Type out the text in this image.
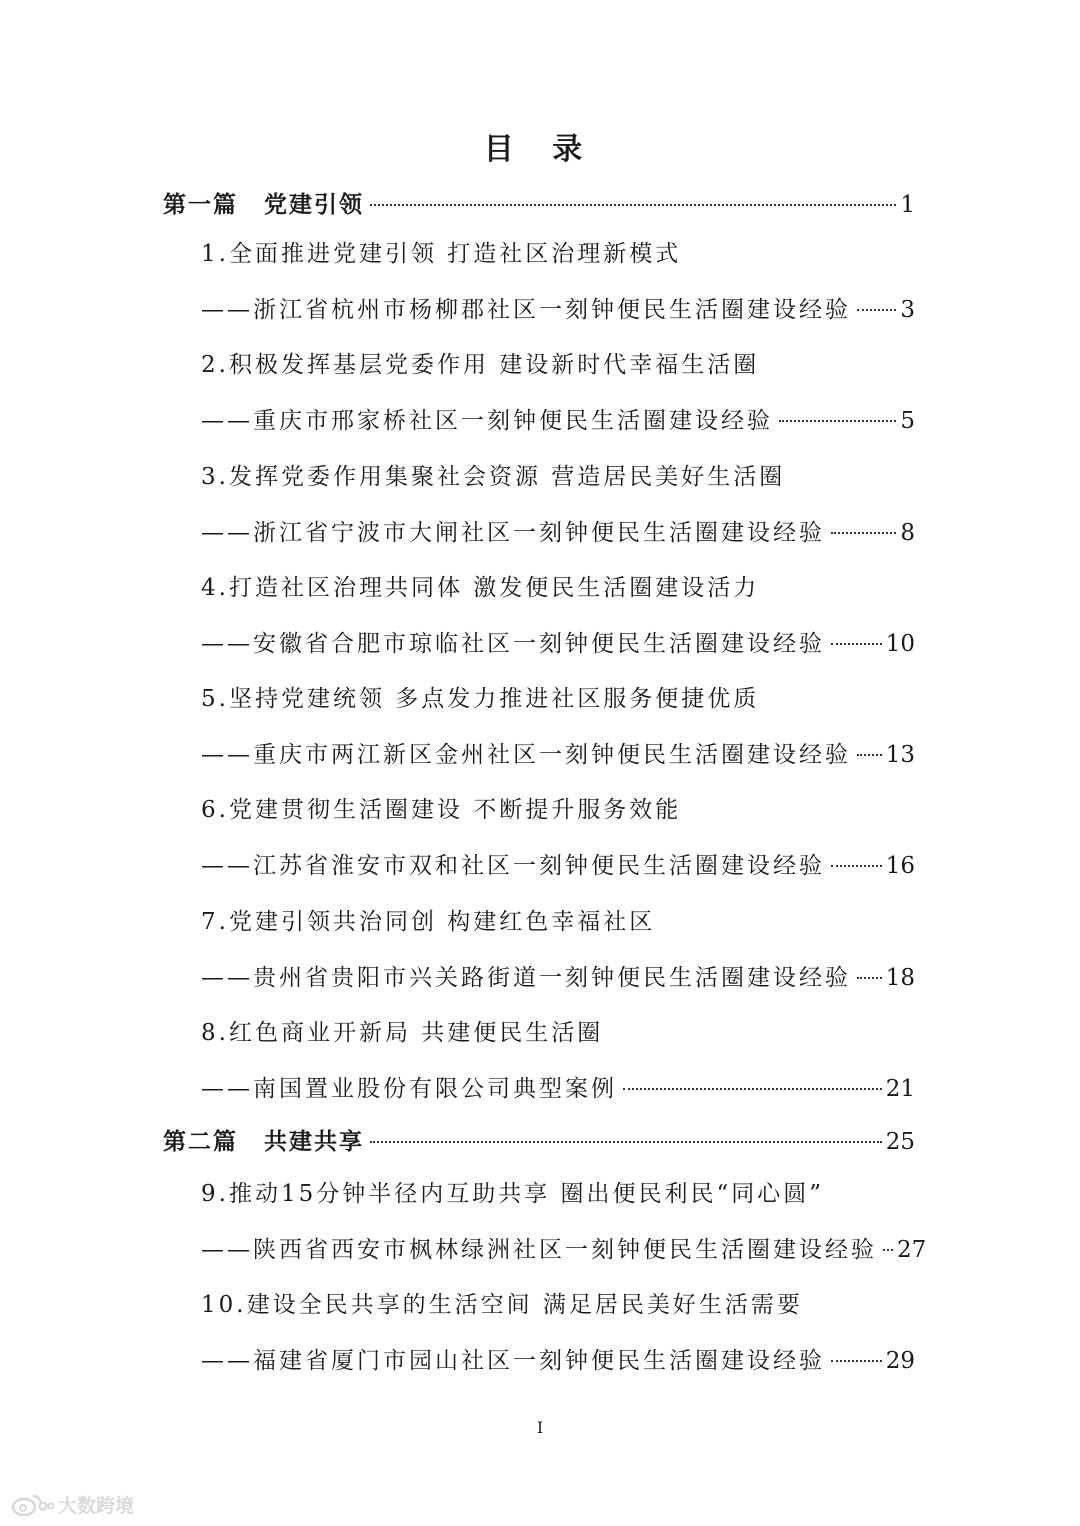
目 录
第一篇 党建引领	1
1.全面推进党建引领 打造社区治理新模式
——浙江省杭州市杨柳郡社区一刻钟便民生活圈建设经验 3
2.积极发挥基层党委作用 建设新时代幸福生活圈
——重庆市邢家桥社区一刻钟便民生活圈建设经验	5
3.发挥党委作用集聚社会资源 营造居民美好生活圈
——浙江省宁波市大闸社区一刻钟便民生活圈建设经验	8
4.打造社区治理共同体 激发便民生活圈建设活力
——安徽省合肥市琼临社区一刻钟便民生活圈建设经验	10
5.坚持党建统领 多点发力推进社区服务便捷优质
——重庆市两江新区金州社区一刻钟便民生活圈建设经验 13
6.党建贯彻生活圈建设 不断提升服务效能
——江苏省淮安市双和社区一刻钟便民生活圈建设经验	16
7.党建引领共治同创 构建红色幸福社区
——贵州省贵阳市兴关路街道一刻钟便民生活圈建设经验 18
8.红色商业开新局 共建便民生活圈
——南国置业股份有限公司典型案例	21
第二篇 共建共享	25
9.推动15分钟半径内互助共享 圈出便民利民“同心圆”
——陕西省西安市枫林绿洲社区一刻钟便民生活圈建设经验 27
10.建设全民共享的生活空间 满足居民美好生活需要
——福建省厦门市园山社区一刻钟便民生活圈建设经验	29
I
大数跨境
